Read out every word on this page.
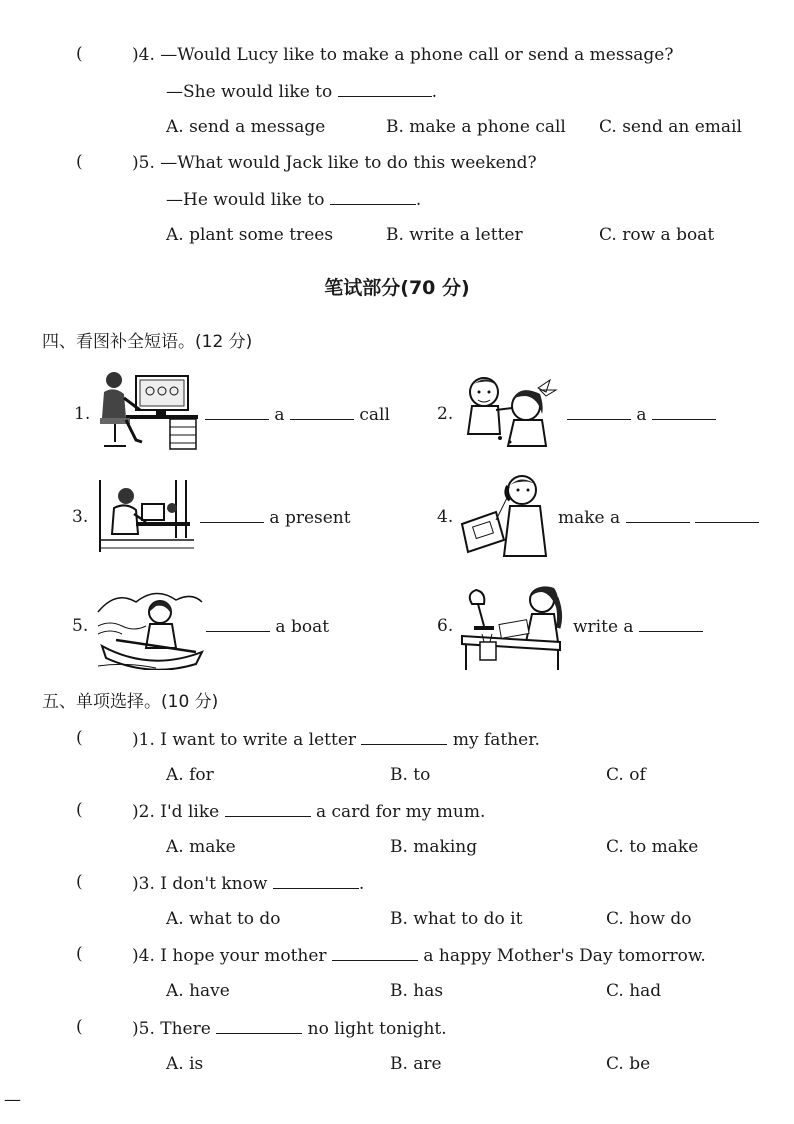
(	)4. —Would Lucy like to make a phone call or send a message?
—She would like to	.
A. send a message	B. make a phone call C. send an email
(	)5. —What would Jack like to do this weekend?
—He would like to	.
A. plant some trees	B. write a letter	C. row a boat
笔试部分(70 分)
四、看图补全短语。(12 分)
1.	a	call	2.	a
3.	a present	4.	make a
5.	a boat	6.	write a
五、单项选择。(10 分)
(	)1. I want to write a letter	my father.
A. for	B. to	C. of
(	)2. I'd like	a card for my mum.
A. make	B. making	C. to make
(	)3. I don't know	.
A. what to do	B. what to do it	C. how do
(	)4. I hope your mother	a happy Mother's Day tomorrow.
A. have	B. has	C. had
(	)5. There	no light tonight.
A. is	B. are	C. be
—
